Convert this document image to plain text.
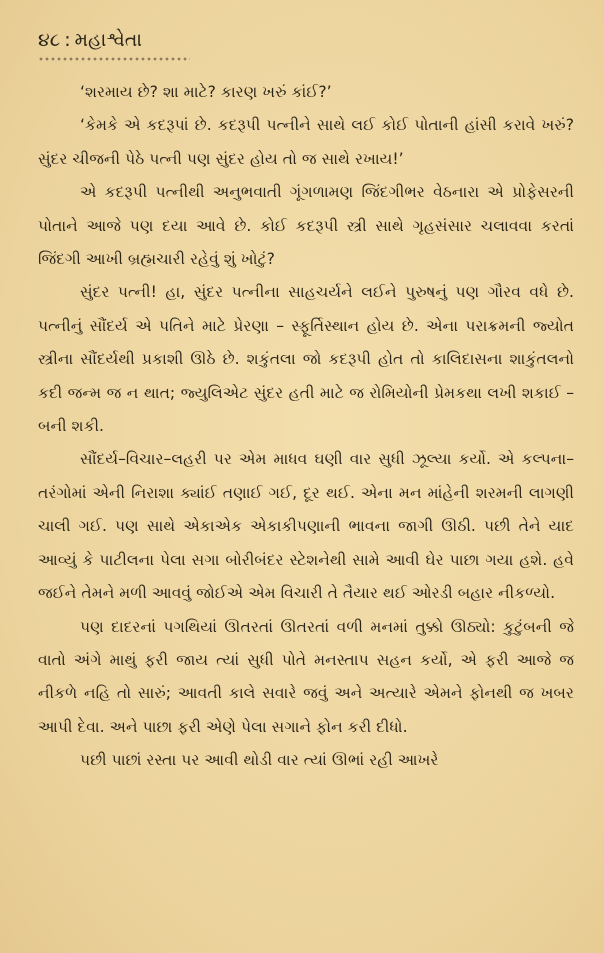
૪૮ : મહાશ્વેતા

‘શરમાય છે? શા માટે? કારણ ખરું કાંઈ?’

‘કેમકે એ કદરૂપાં છે. કદરૂપી પત્નીને સાથે લઈ કોઈ પોતાની હાંસી કરાવે ખરું? સુંદર ચીજની પેઠે પત્ની પણ સુંદર હોય તો જ સાથે રખાય!’

એ કદરૂપી પત્નીથી અનુભવાતી ગૂંગળામણ જિંદગીભર વેઠનારા એ પ્રોફેસરની પોતાને આજે પણ દયા આવે છે. કોઈ કદરૂપી સ્ત્રી સાથે ગૃહસંસાર ચલાવવા કરતાં જિંદગી આખી બ્રહ્મચારી રહેવું શું ખોટું?

સુંદર પત્ની! હા, સુંદર પત્નીના સાહચર્યને લઈને પુરુષનું પણ ગૌરવ વધે છે. પત્નીનું સૌંદર્ય એ પતિને માટે પ્રેરણા – સ્ફૂર્તિસ્થાન હોય છે. એના પરાક્રમની જ્યોત સ્ત્રીના સૌંદર્યથી પ્રકાશી ઊઠે છે. શકુંતલા જો કદરૂપી હોત તો કાલિદાસના શાકુંતલનો કદી જન્મ જ ન થાત; જ્યુલિએટ સુંદર હતી માટે જ રોમિયોની પ્રેમકથા લખી શકાઈ – બની શકી.

સૌંદર્ય–વિચાર–લહરી પર એમ માધવ ઘણી વાર સુધી ઝૂલ્યા કર્યો. એ કલ્પના–તરંગોમાં એની નિરાશા ક્યાંઈ તણાઈ ગઈ, દૂર થઈ. એના મન માંહેની શરમની લાગણી ચાલી ગઈ. પણ સાથે એકાએક એકાકીપણાની ભાવના જાગી ઊઠી. પછી તેને યાદ આવ્યું કે પાટીલના પેલા સગા બોરીબંદર સ્ટેશનેથી સામે આવી ઘેર પાછા ગયા હશે. હવે જઈને તેમને મળી આવવું જોઈએ એમ વિચારી તે તૈયાર થઈ ઓરડી બહાર નીકળ્યો.

પણ દાદરનાં પગથિયાં ઊતરતાં ઊતરતાં વળી મનમાં તુક્કો ઊઠ્યો: કુટુંબની જે વાતો અંગે માથું ફરી જાય ત્યાં સુધી પોતે મનસ્તાપ સહન કર્યો, એ ફરી આજે જ નીકળે નહિ તો સારું; આવતી કાલે સવારે જવું અને અત્યારે એમને ફોનથી જ ખબર આપી દેવા. અને પાછા ફરી એણે પેલા સગાને ફોન કરી દીધો.

પછી પાછાં રસ્તા પર આવી થોડી વાર ત્યાં ઊભાં રહી આખરે
